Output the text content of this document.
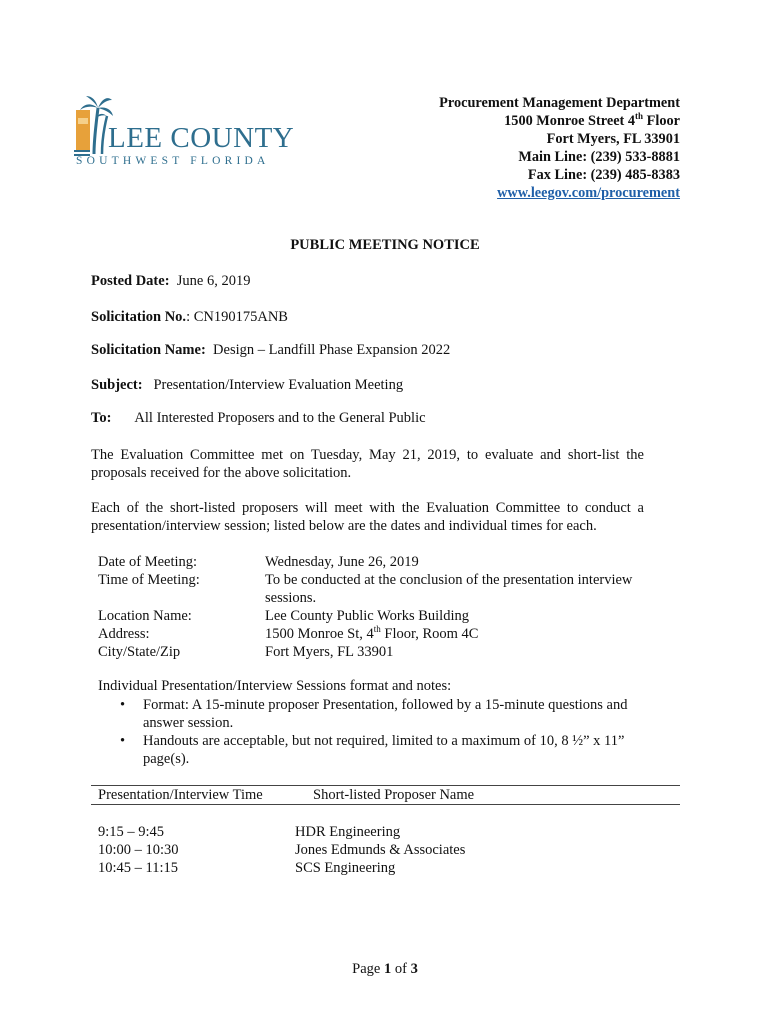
LEE COUNTY
SOUTHWEST FLORIDA
Procurement Management Department
1500 Monroe Street 4th Floor
Fort Myers, FL 33901
Main Line: (239) 533-8881
Fax Line: (239) 485-8383
www.leegov.com/procurement
PUBLIC MEETING NOTICE
Posted Date: June 6, 2019
Solicitation No.: CN190175ANB
Solicitation Name: Design – Landfill Phase Expansion 2022
Subject: Presentation/Interview Evaluation Meeting
To: All Interested Proposers and to the General Public
The Evaluation Committee met on Tuesday, May 21, 2019, to evaluate and short-list the proposals received for the above solicitation.
Each of the short-listed proposers will meet with the Evaluation Committee to conduct a presentation/interview session; listed below are the dates and individual times for each.
Date of Meeting:	Wednesday, June 26, 2019
Time of Meeting:	To be conducted at the conclusion of the presentation interview sessions.
Location Name:	Lee County Public Works Building
Address:	1500 Monroe St, 4th Floor, Room 4C
City/State/Zip	Fort Myers, FL 33901
Individual Presentation/Interview Sessions format and notes:
• Format: A 15-minute proposer Presentation, followed by a 15-minute questions and answer session.
• Handouts are acceptable, but not required, limited to a maximum of 10, 8 ½” x 11” page(s).
Presentation/Interview Time	Short-listed Proposer Name
9:15 – 9:45	HDR Engineering
10:00 – 10:30	Jones Edmunds & Associates
10:45 – 11:15	SCS Engineering
Page 1 of 3
